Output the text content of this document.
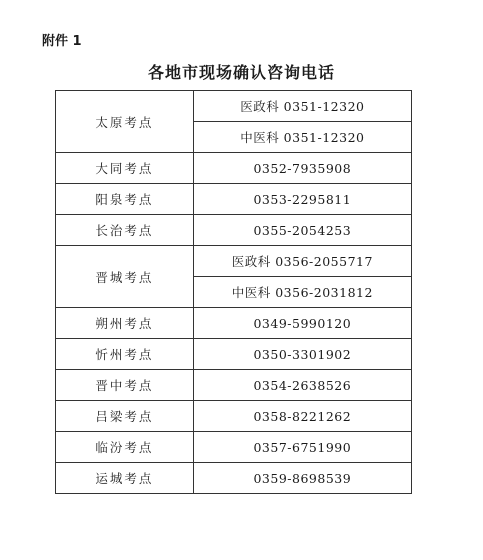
附件 1
各地市现场确认咨询电话
太原考点	医政科 0351-12320
	中医科 0351-12320
大同考点	0352-7935908
阳泉考点	0353-2295811
长治考点	0355-2054253
晋城考点	医政科 0356-2055717
	中医科 0356-2031812
朔州考点	0349-5990120
忻州考点	0350-3301902
晋中考点	0354-2638526
吕梁考点	0358-8221262
临汾考点	0357-6751990
运城考点	0359-8698539
